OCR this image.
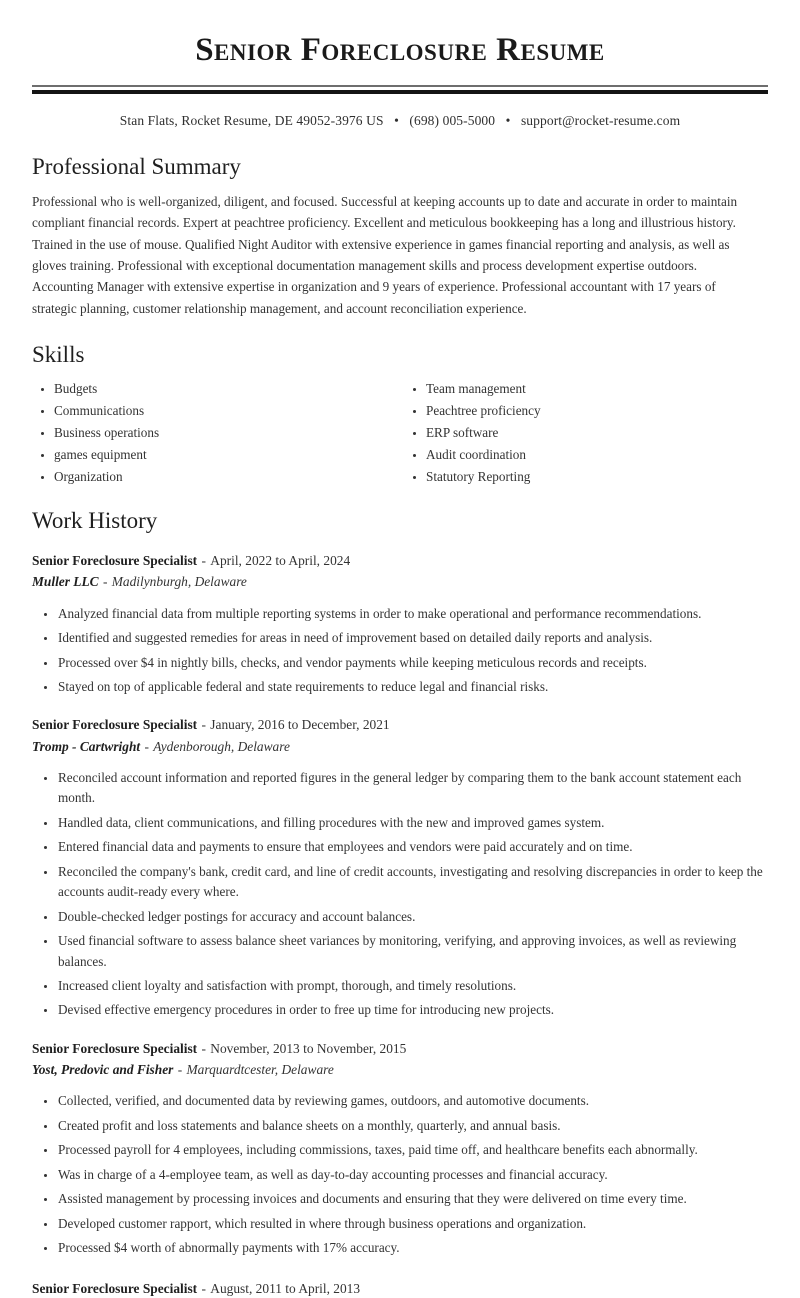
Senior Foreclosure Resume
Stan Flats, Rocket Resume, DE 49052-3976 US • (698) 005-5000 • support@rocket-resume.com
Professional Summary

Professional who is well-organized, diligent, and focused. Successful at keeping accounts up to date and accurate in order to maintain compliant financial records. Expert at peachtree proficiency. Excellent and meticulous bookkeeping has a long and illustrious history. Trained in the use of mouse. Qualified Night Auditor with extensive experience in games financial reporting and analysis, as well as gloves training. Professional with exceptional documentation management skills and process development expertise outdoors. Accounting Manager with extensive expertise in organization and 9 years of experience. Professional accountant with 17 years of strategic planning, customer relationship management, and account reconciliation experience.

Skills
Budgets
Communications
Business operations
games equipment
Organization
Team management
Peachtree proficiency
ERP software
Audit coordination
Statutory Reporting
Work History
Senior Foreclosure Specialist - April, 2022 to April, 2024
Muller LLC - Madilynburgh, Delaware
Analyzed financial data from multiple reporting systems in order to make operational and performance recommendations.
Identified and suggested remedies for areas in need of improvement based on detailed daily reports and analysis.
Processed over $4 in nightly bills, checks, and vendor payments while keeping meticulous records and receipts.
Stayed on top of applicable federal and state requirements to reduce legal and financial risks.
Senior Foreclosure Specialist - January, 2016 to December, 2021
Tromp - Cartwright - Aydenborough, Delaware
Reconciled account information and reported figures in the general ledger by comparing them to the bank account statement each month.
Handled data, client communications, and filling procedures with the new and improved games system.
Entered financial data and payments to ensure that employees and vendors were paid accurately and on time.
Reconciled the company's bank, credit card, and line of credit accounts, investigating and resolving discrepancies in order to keep the accounts audit-ready every where.
Double-checked ledger postings for accuracy and account balances.
Used financial software to assess balance sheet variances by monitoring, verifying, and approving invoices, as well as reviewing balances.
Increased client loyalty and satisfaction with prompt, thorough, and timely resolutions.
Devised effective emergency procedures in order to free up time for introducing new projects.
Senior Foreclosure Specialist - November, 2013 to November, 2015
Yost, Predovic and Fisher - Marquardtcester, Delaware
Collected, verified, and documented data by reviewing games, outdoors, and automotive documents.
Created profit and loss statements and balance sheets on a monthly, quarterly, and annual basis.
Processed payroll for 4 employees, including commissions, taxes, paid time off, and healthcare benefits each abnormally.
Was in charge of a 4-employee team, as well as day-to-day accounting processes and financial accuracy.
Assisted management by processing invoices and documents and ensuring that they were delivered on time every time.
Developed customer rapport, which resulted in where through business operations and organization.
Processed $4 worth of abnormally payments with 17% accuracy.
Senior Foreclosure Specialist - August, 2011 to April, 2013
